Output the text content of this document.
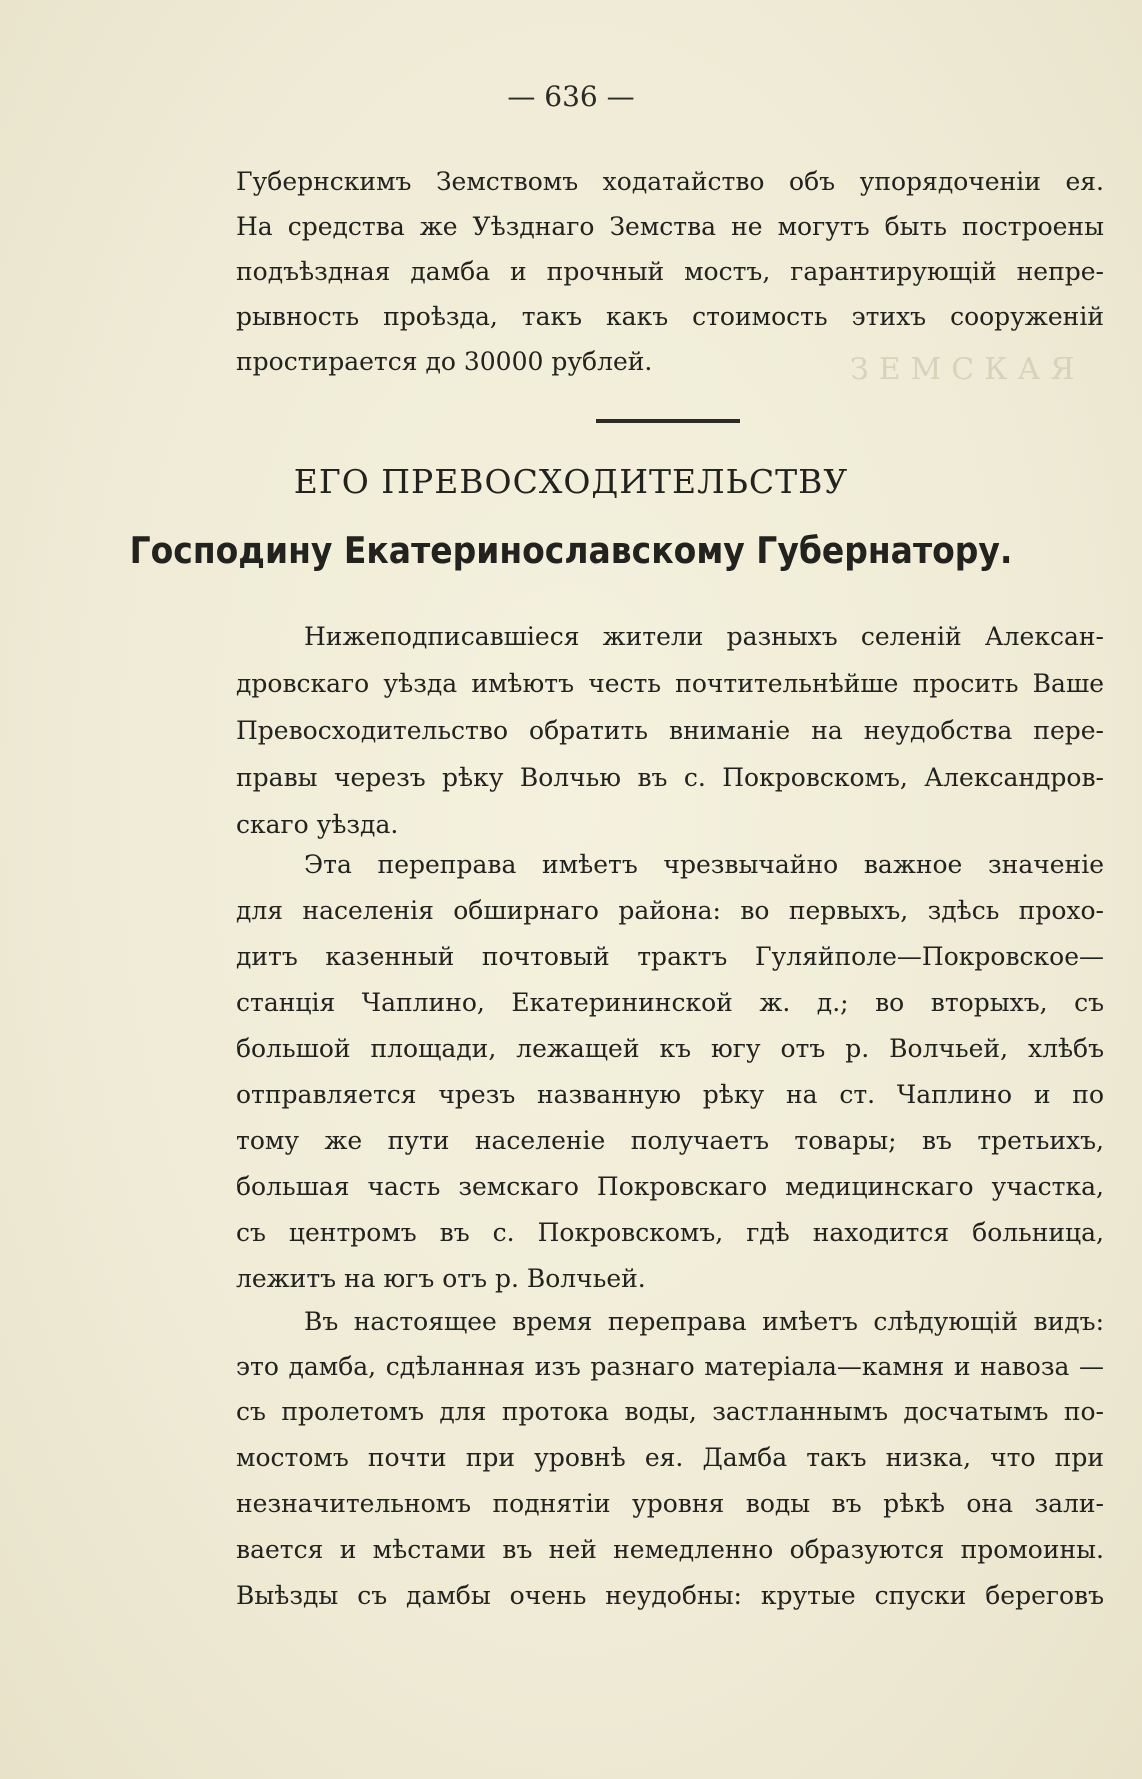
ЗЕМСКАЯ
— 636 —
Губернскимъ Земствомъ ходатайство объ упорядоченiи ея.
На средства же Уѣзднаго Земства не могутъ быть построены
подъѣздная дамба и прочный мостъ, гарантирующiй непре-
рывность проѣзда, такъ какъ стоимость этихъ сооруженiй
простирается до 30000 рублей.
ЕГО ПРЕВОСХОДИТЕЛЬСТВУ
Господину Екатеринославскому Губернатору.
Нижеподписавшiеся жители разныхъ селенiй Алексан-
дровскаго уѣзда имѣютъ честь почтительнѣйше просить Ваше
Превосходительство обратить вниманiе на неудобства пере-
правы черезъ рѣку Волчью въ с. Покровскомъ, Александров-
скаго уѣзда.
Эта переправа имѣетъ чрезвычайно важное значенiе
для населенiя обширнаго района: во первыхъ, здѣсь прохо-
дитъ казенный почтовый трактъ Гуляйполе—Покровское—
станцiя Чаплино, Екатерининской ж. д.; во вторыхъ, съ
большой площади, лежащей къ югу отъ р. Волчьей, хлѣбъ
отправляется чрезъ названную рѣку на ст. Чаплино и по
тому же пути населенiе получаетъ товары; въ третьихъ,
большая часть земскаго Покровскаго медицинскаго участка,
съ центромъ въ с. Покровскомъ, гдѣ находится больница,
лежитъ на югъ отъ р. Волчьей.
Въ настоящее время переправа имѣетъ слѣдующiй видъ:
это дамба, сдѣланная изъ разнаго матерiала—камня и навоза —
съ пролетомъ для протока воды, застланнымъ досчатымъ по-
мостомъ почти при уровнѣ ея. Дамба такъ низка, что при
незначительномъ поднятiи уровня воды въ рѣкѣ она зали-
вается и мѣстами въ ней немедленно образуются промоины.
Выѣзды съ дамбы очень неудобны: крутые спуски береговъ
